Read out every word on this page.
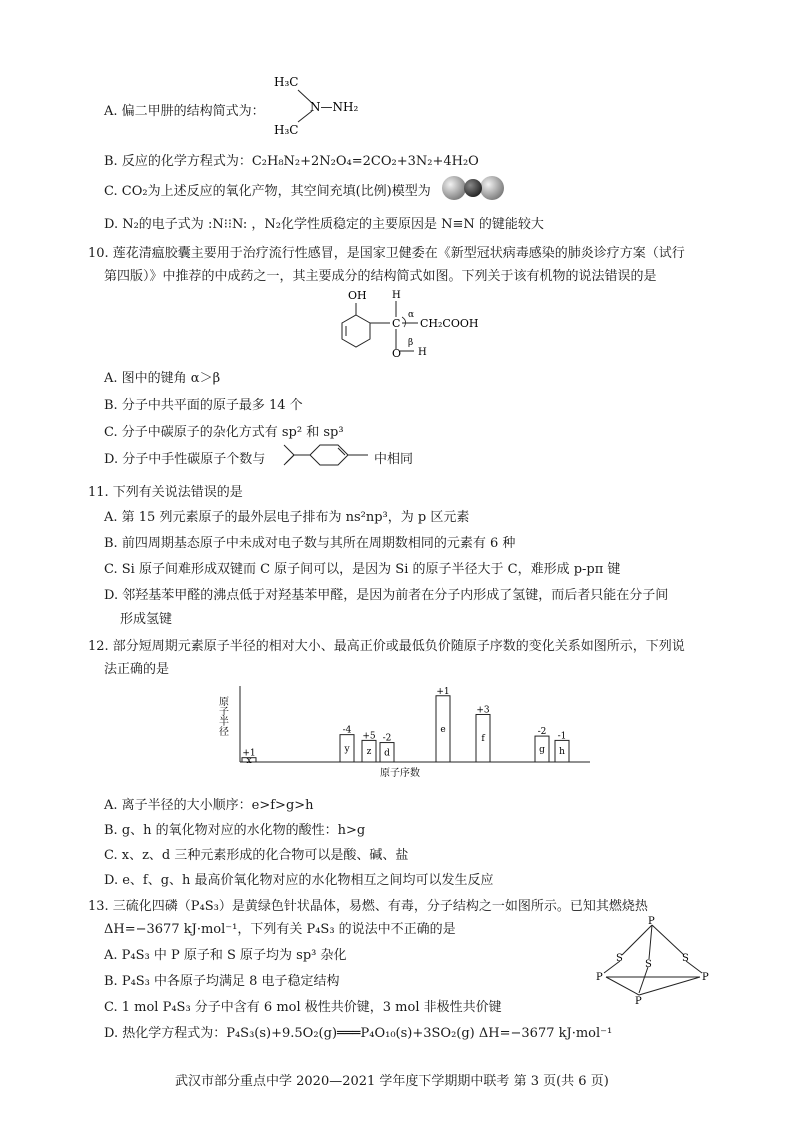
A. 偏二甲肼的结构简式为：
H₃C
H₃C
N—NH₂
B. 反应的化学方程式为：C₂H₈N₂+2N₂O₄=2CO₂+3N₂+4H₂O
C. CO₂为上述反应的氧化产物，其空间充填(比例)模型为
D. N₂的电子式为 :N⁝⁝N: ，N₂化学性质稳定的主要原因是 N≡N 的键能较大
10. 莲花清瘟胶囊主要用于治疗流行性感冒，是国家卫健委在《新型冠状病毒感染的肺炎诊疗方案（试行
第四版）》中推荐的中成药之一，其主要成分的结构简式如图。下列关于该有机物的说法错误的是
OH	H
C
α
CH₂COOH
β
O H
A. 图中的键角 α＞β
B. 分子中共平面的原子最多 14 个
C. 分子中碳原子的杂化方式有 sp² 和 sp³
D. 分子中手性碳原子个数与	中相同
11. 下列有关说法错误的是
A. 第 15 列元素原子的最外层电子排布为 ns²np³，为 p 区元素
B. 前四周期基态原子中未成对电子数与其所在周期数相同的元素有 6 种
C. Si 原子间难形成双键而 C 原子间可以，是因为 Si 的原子半径大于 C，难形成 p-pπ 键
D. 邻羟基苯甲醛的沸点低于对羟基苯甲醛，是因为前者在分子内形成了氢键，而后者只能在分子间
形成氢键
12. 部分短周期元素原子半径的相对大小、最高正价或最低负价随原子序数的变化关系如图所示，下列说
法正确的是
原子半径
原子序数
x
+1	y
-4
z
+5
d
-2
e
+1
f
+3
g
-2
h
-1
A. 离子半径的大小顺序：e>f>g>h
B. g、h 的氧化物对应的水化物的酸性：h>g
C. x、z、d 三种元素形成的化合物可以是酸、碱、盐
D. e、f、g、h 最高价氧化物对应的水化物相互之间均可以发生反应
13. 三硫化四磷（P₄S₃）是黄绿色针状晶体，易燃、有毒，分子结构之一如图所示。已知其燃烧热
ΔH=−3677 kJ·mol⁻¹，下列有关 P₄S₃ 的说法中不正确的是
A. P₄S₃ 中 P 原子和 S 原子均为 sp³ 杂化
B. P₄S₃ 中各原子均满足 8 电子稳定结构
C. 1 mol P₄S₃ 分子中含有 6 mol 极性共价键，3 mol 非极性共价键
D. 热化学方程式为：P₄S₃(s)+9.5O₂(g)═══P₄O₁₀(s)+3SO₂(g) ΔH=−3677 kJ·mol⁻¹
P
S	S
S
P	P
P
武汉市部分重点中学 2020—2021 学年度下学期期中联考 第 3 页(共 6 页)
